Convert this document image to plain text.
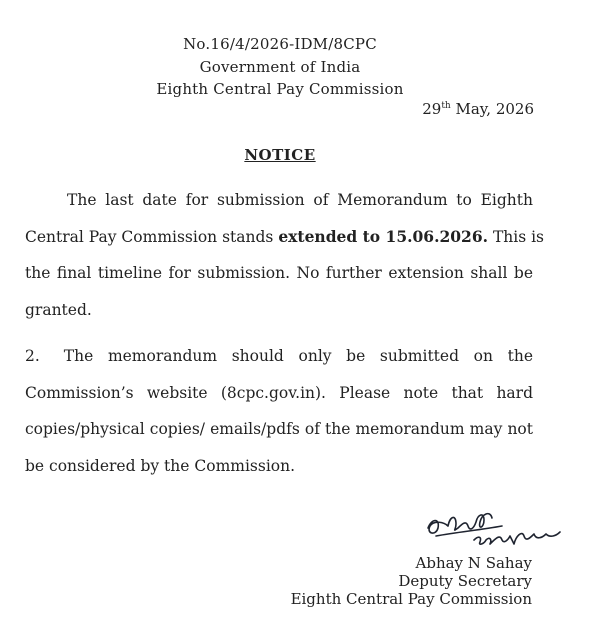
No.16/4/2026-IDM/8CPC
Government of India
Eighth Central Pay Commission
29th May, 2026
NOTICE
The last date for submission of Memorandum to Eighth
Central Pay Commission stands extended to 15.06.2026. This is
the final timeline for submission. No further extension shall be
granted.
2. The memorandum should only be submitted on the
Commission’s website (8cpc.gov.in). Please note that hard
copies/physical copies/ emails/pdfs of the memorandum may not
be considered by the Commission.
Abhay N Sahay
Deputy Secretary
Eighth Central Pay Commission
